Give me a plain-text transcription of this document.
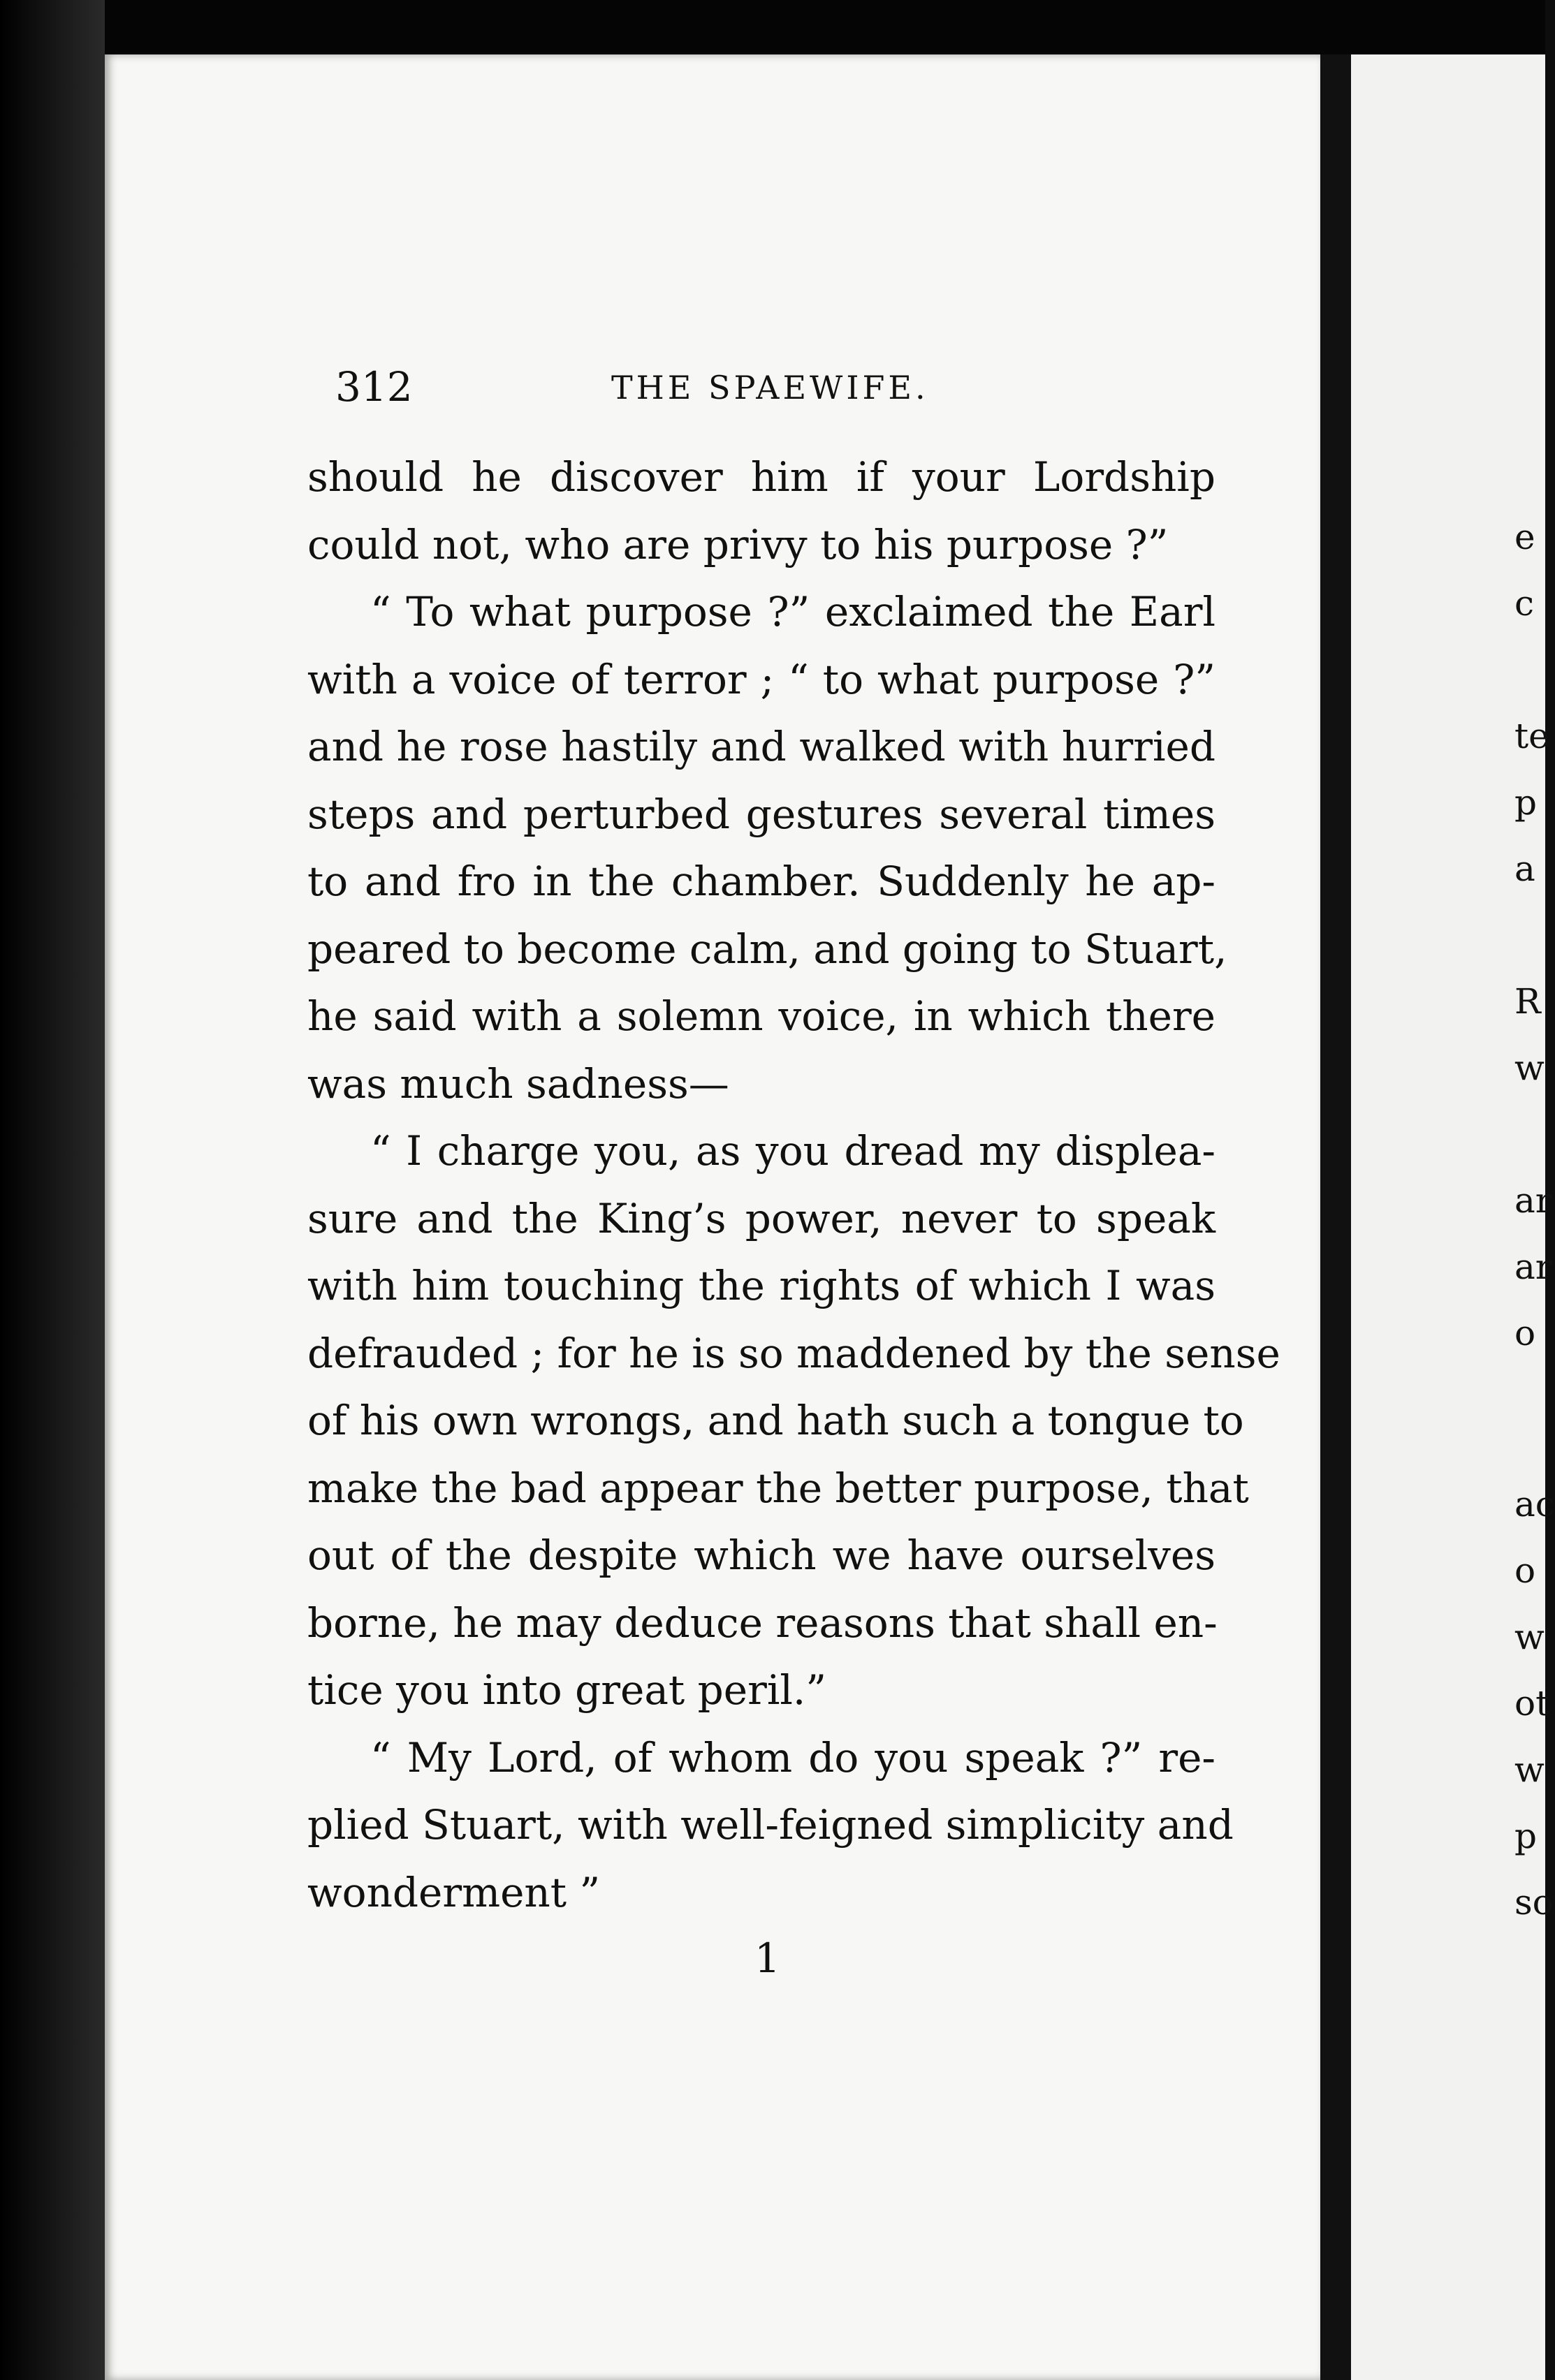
312	THE SPAEWIFE.
should he discover him if your Lordship
could not, who are privy to his purpose ?”
“ To what purpose ?” exclaimed the Earl
with a voice of terror ; “ to what purpose ?”
and he rose hastily and walked with hurried
steps and perturbed gestures several times
to and fro in the chamber. Suddenly he ap-
peared to become calm, and going to Stuart,
he said with a solemn voice, in which there
was much sadness—
“ I charge you, as you dread my displea-
sure and the King’s power, never to speak
with him touching the rights of which I was
defrauded ; for he is so maddened by the sense
of his own wrongs, and hath such a tongue to
make the bad appear the better purpose, that
out of the despite which we have ourselves
borne, he may deduce reasons that shall en-
tice you into great peril.”
“ My Lord, of whom do you speak ?” re-
plied Stuart, with well-feigned simplicity and
wonderment ”
1
e
c
te
p
a
R
w
ar
ar
o
ac
o
w
ot
w
p
so
